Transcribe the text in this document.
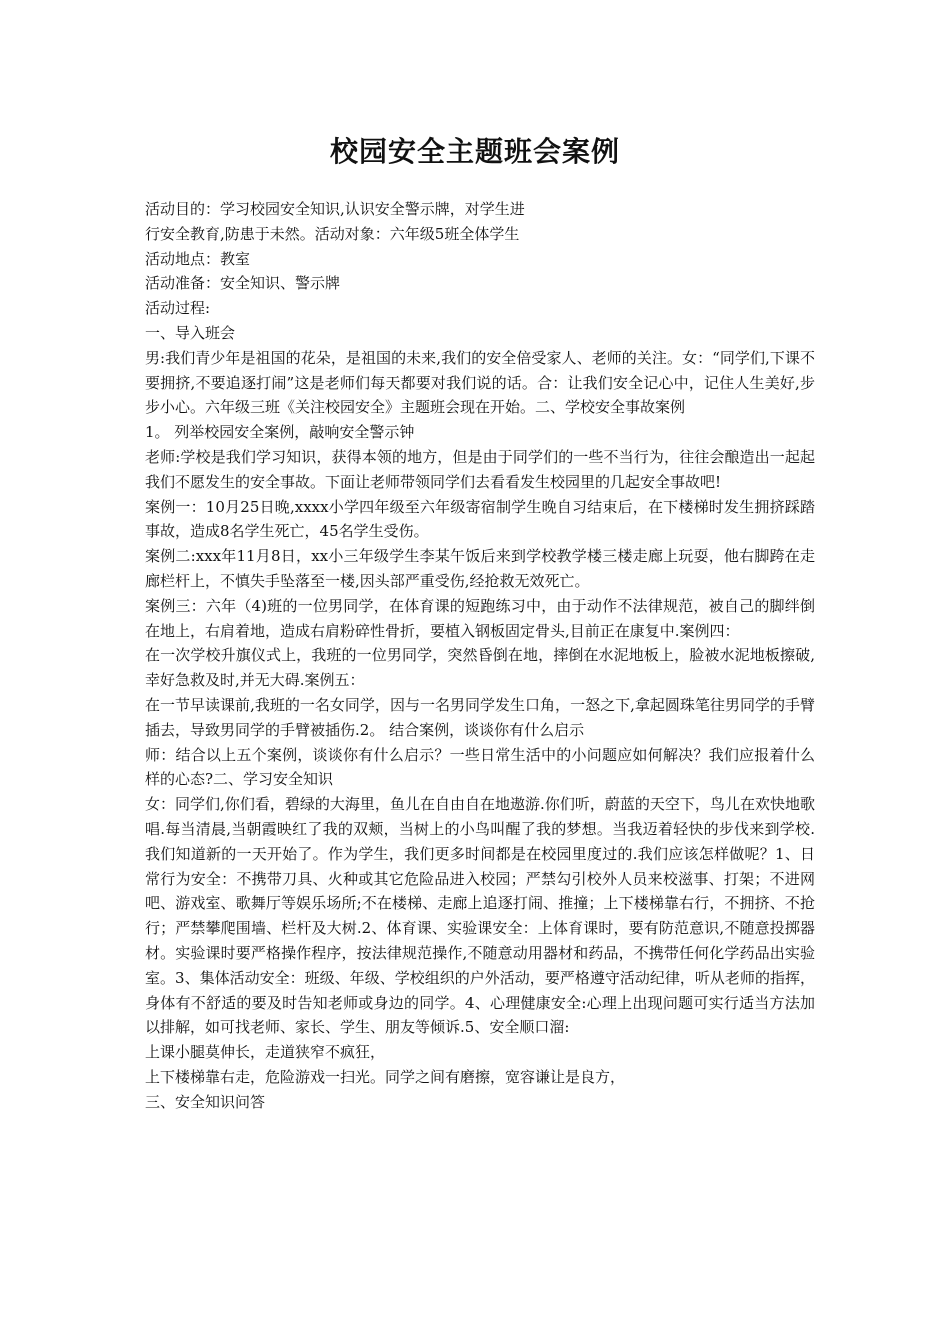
校园安全主题班会案例

活动目的：学习校园安全知识,认识安全警示牌，对学生进

行安全教育,防患于未然。活动对象：六年级5班全体学生

活动地点：教室

活动准备：安全知识、警示牌

活动过程:

一、导入班会

男:我们青少年是祖国的花朵，是祖国的未来,我们的安全倍受家人、老师的关注。女：“同学们,下课不要拥挤,不要追逐打闹”这是老师们每天都要对我们说的话。合：让我们安全记心中，记住人生美好,步步小心。六年级三班《关注校园安全》主题班会现在开始。二、学校安全事故案例

1。 列举校园安全案例，敲响安全警示钟

老师:学校是我们学习知识，获得本领的地方，但是由于同学们的一些不当行为，往往会酿造出一起起我们不愿发生的安全事故。下面让老师带领同学们去看看发生校园里的几起安全事故吧!

案例一：10月25日晚,xxxx小学四年级至六年级寄宿制学生晚自习结束后，在下楼梯时发生拥挤踩踏事故，造成8名学生死亡，45名学生受伤。

案例二:xxx年11月8日，xx小三年级学生李某午饭后来到学校教学楼三楼走廊上玩耍，他右脚跨在走廊栏杆上，不慎失手坠落至一楼,因头部严重受伤,经抢救无效死亡。

案例三：六年（4)班的一位男同学，在体育课的短跑练习中，由于动作不法律规范，被自己的脚绊倒在地上，右肩着地，造成右肩粉碎性骨折，要植入钢板固定骨头,目前正在康复中.案例四：

在一次学校升旗仪式上，我班的一位男同学，突然昏倒在地，摔倒在水泥地板上，脸被水泥地板擦破,幸好急救及时,并无大碍.案例五：

在一节早读课前,我班的一名女同学，因与一名男同学发生口角，一怒之下,拿起圆珠笔往男同学的手臂插去，导致男同学的手臂被插伤.2。 结合案例，谈谈你有什么启示

师：结合以上五个案例，谈谈你有什么启示？一些日常生活中的小问题应如何解决？我们应报着什么样的心态?二、学习安全知识

女：同学们,你们看，碧绿的大海里，鱼儿在自由自在地遨游.你们听，蔚蓝的天空下，鸟儿在欢快地歌唱.每当清晨,当朝霞映红了我的双颊，当树上的小鸟叫醒了我的梦想。当我迈着轻快的步伐来到学校.我们知道新的一天开始了。作为学生，我们更多时间都是在校园里度过的.我们应该怎样做呢？1、日常行为安全：不携带刀具、火种或其它危险品进入校园；严禁勾引校外人员来校滋事、打架；不进网吧、游戏室、歌舞厅等娱乐场所;不在楼梯、走廊上追逐打闹、推撞；上下楼梯靠右行，不拥挤、不抢行；严禁攀爬围墙、栏杆及大树.2、体育课、实验课安全：上体育课时，要有防范意识,不随意投掷器材。实验课时要严格操作程序，按法律规范操作,不随意动用器材和药品，不携带任何化学药品出实验室。3、集体活动安全：班级、年级、学校组织的户外活动，要严格遵守活动纪律，听从老师的指挥，身体有不舒适的要及时告知老师或身边的同学。4、心理健康安全:心理上出现问题可实行适当方法加以排解，如可找老师、家长、学生、朋友等倾诉.5、安全顺口溜:

上课小腿莫伸长，走道狭窄不疯狂，

上下楼梯靠右走，危险游戏一扫光。同学之间有磨擦，宽容谦让是良方，

三、安全知识问答
